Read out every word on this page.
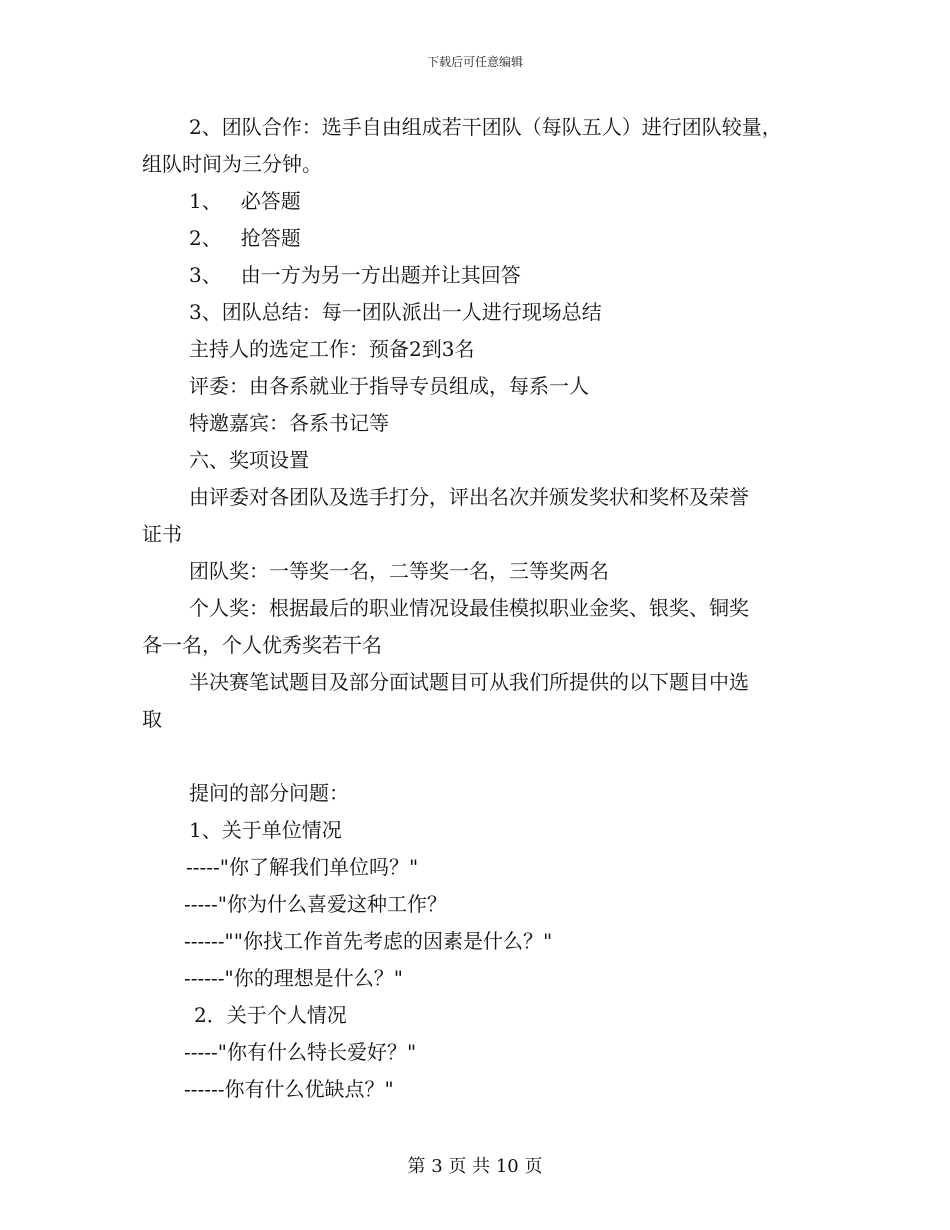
下载后可任意编辑

2、团队合作：选手自由组成若干团队（每队五人）进行团队较量，

组队时间为三分钟。

1、   必答题

2、   抢答题

3、   由一方为另一方出题并让其回答

3、团队总结：每一团队派出一人进行现场总结

主持人的选定工作：预备2到3名

评委：由各系就业于指导专员组成，每系一人

特邀嘉宾：各系书记等

六、奖项设置

由评委对各团队及选手打分，评出名次并颁发奖状和奖杯及荣誉

证书

团队奖：一等奖一名，二等奖一名，三等奖两名

个人奖：根据最后的职业情况设最佳模拟职业金奖、银奖、铜奖

各一名，个人优秀奖若干名

半决赛笔试题目及部分面试题目可从我们所提供的以下题目中选

取

提问的部分问题：

1、关于单位情况

-----"你了解我们单位吗？"

-----"你为什么喜爱这种工作？

------""你找工作首先考虑的因素是什么？"

------"你的理想是什么？"

2．关于个人情况

-----"你有什么特长爱好？"

------你有什么优缺点？"

第 3 页 共 10 页
